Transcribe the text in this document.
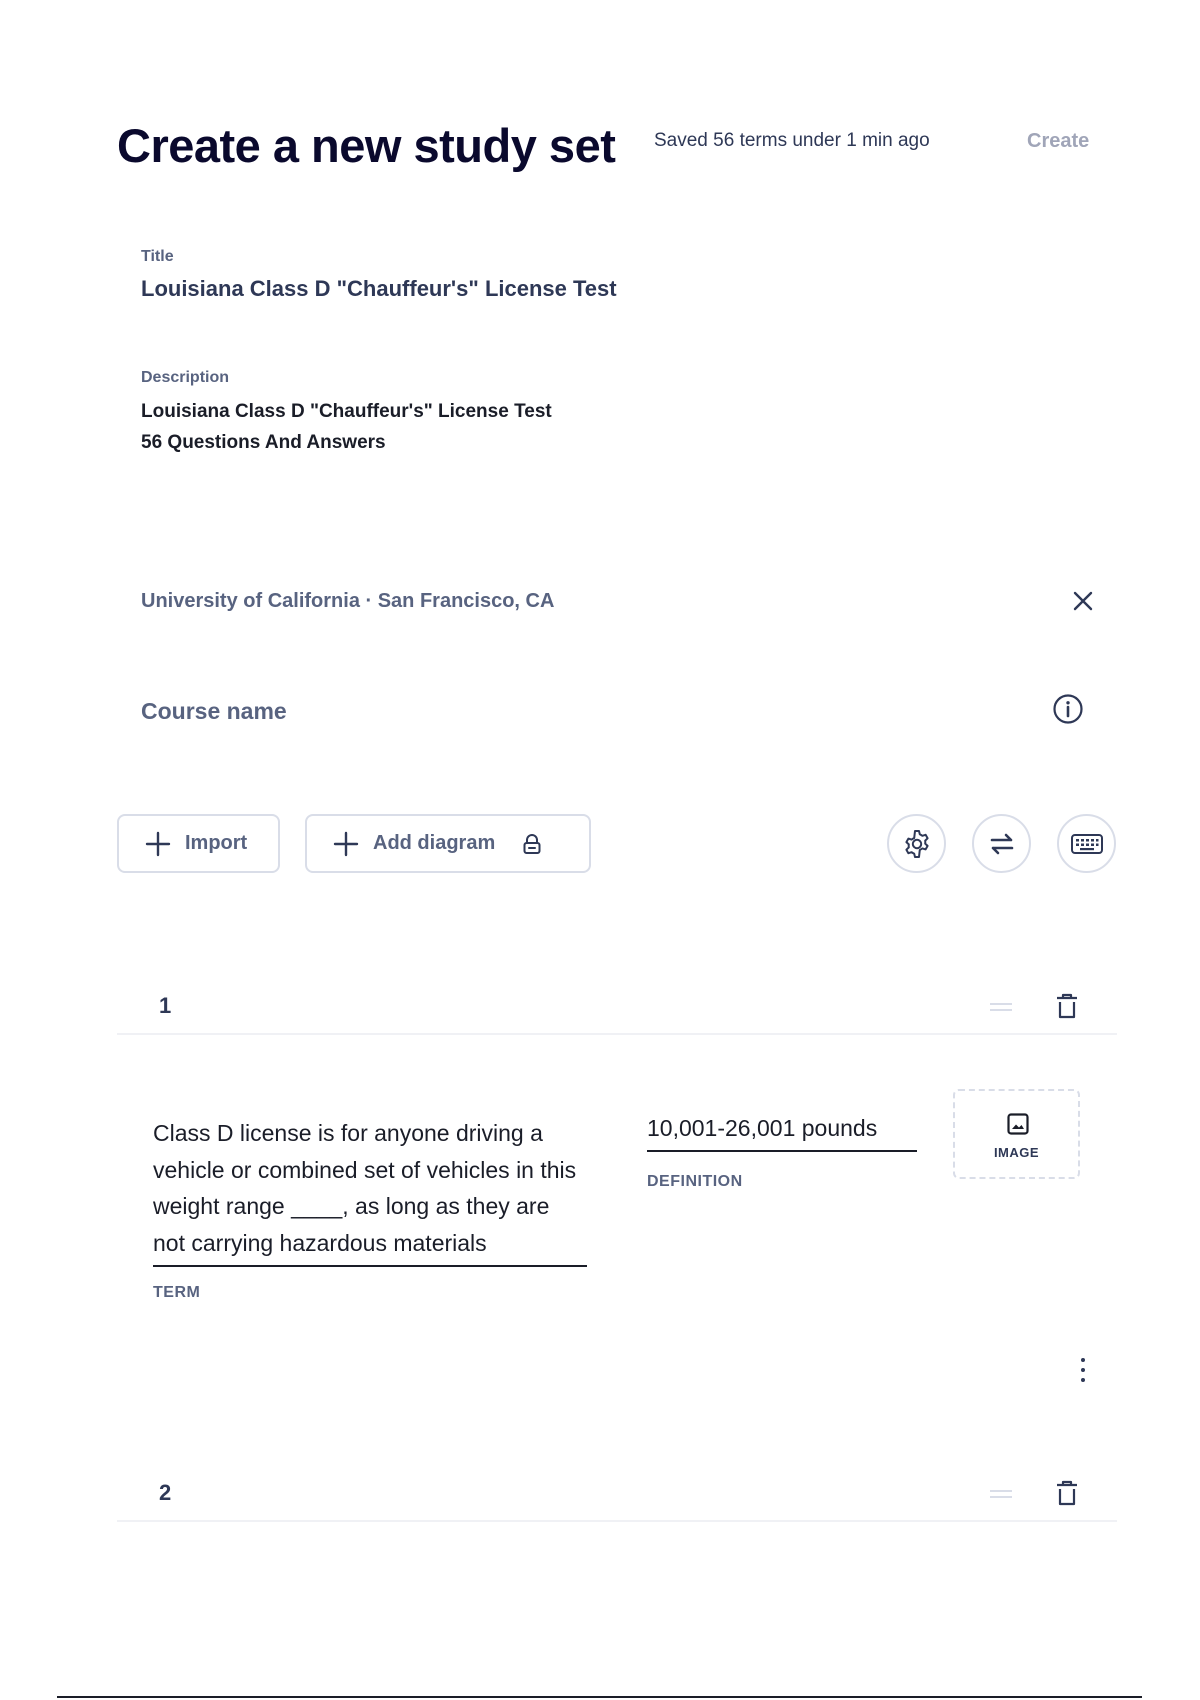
Create a new study set Saved 56 terms under 1 min ago	Create
Title
Louisiana Class D "Chauffeur's" License Test
Description
Louisiana Class D "Chauffeur's" License Test
56 Questions And Answers
University of California · San Francisco, CA
Course name
Import	Add diagram
1
Class D license is for anyone driving a vehicle or combined set of vehicles in this weight range ____, as long as they are not carrying hazardous materials
TERM
10,001-26,001 pounds
DEFINITION
IMAGE
2
